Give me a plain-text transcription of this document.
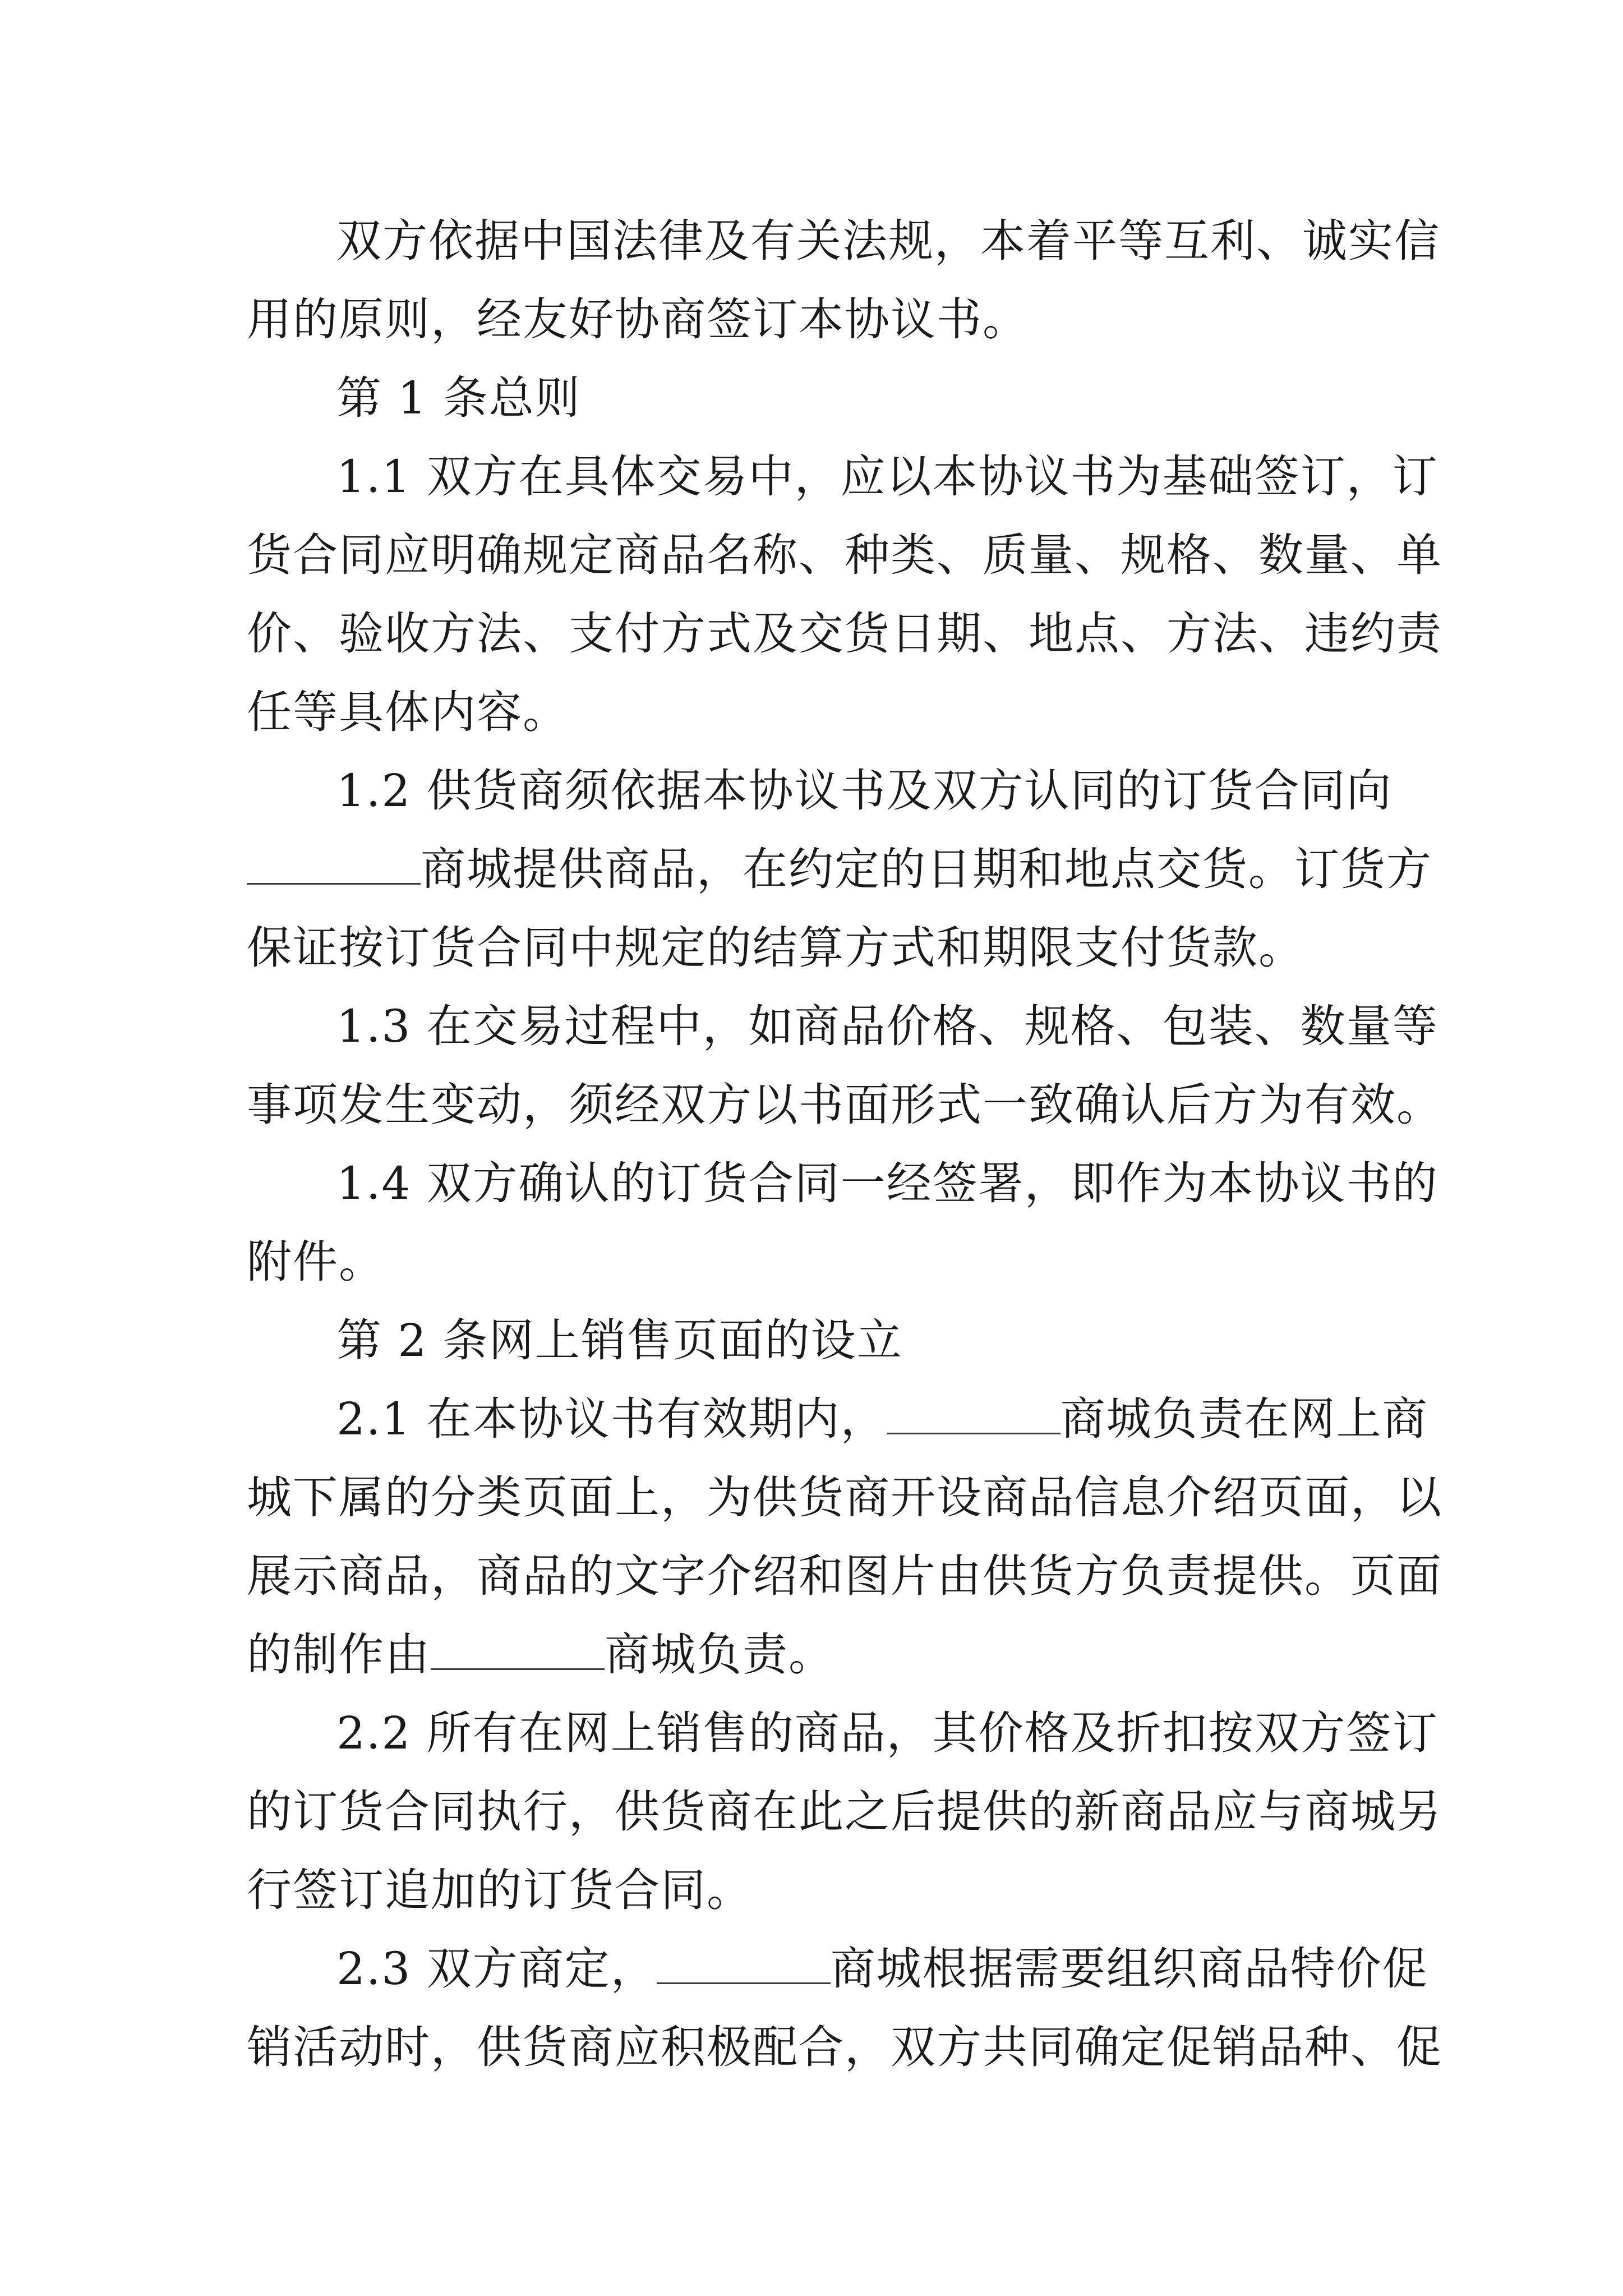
双方依据中国法律及有关法规，本着平等互利、诚实信
用的原则，经友好协商签订本协议书。
第 1 条总则
1.1 双方在具体交易中，应以本协议书为基础签订，订
货合同应明确规定商品名称、种类、质量、规格、数量、单
价、验收方法、支付方式及交货日期、地点、方法、违约责
任等具体内容。
1.2 供货商须依据本协议书及双方认同的订货合同向
商城提供商品，在约定的日期和地点交货。订货方
保证按订货合同中规定的结算方式和期限支付货款。
1.3 在交易过程中，如商品价格、规格、包装、数量等
事项发生变动，须经双方以书面形式一致确认后方为有效。
1.4 双方确认的订货合同一经签署，即作为本协议书的
附件。
第 2 条网上销售页面的设立
2.1 在本协议书有效期内，	商城负责在网上商
城下属的分类页面上，为供货商开设商品信息介绍页面，以
展示商品，商品的文字介绍和图片由供货方负责提供。页面
的制作由	商城负责。
2.2 所有在网上销售的商品，其价格及折扣按双方签订
的订货合同执行，供货商在此之后提供的新商品应与商城另
行签订追加的订货合同。
2.3 双方商定，	商城根据需要组织商品特价促
销活动时，供货商应积极配合，双方共同确定促销品种、促
